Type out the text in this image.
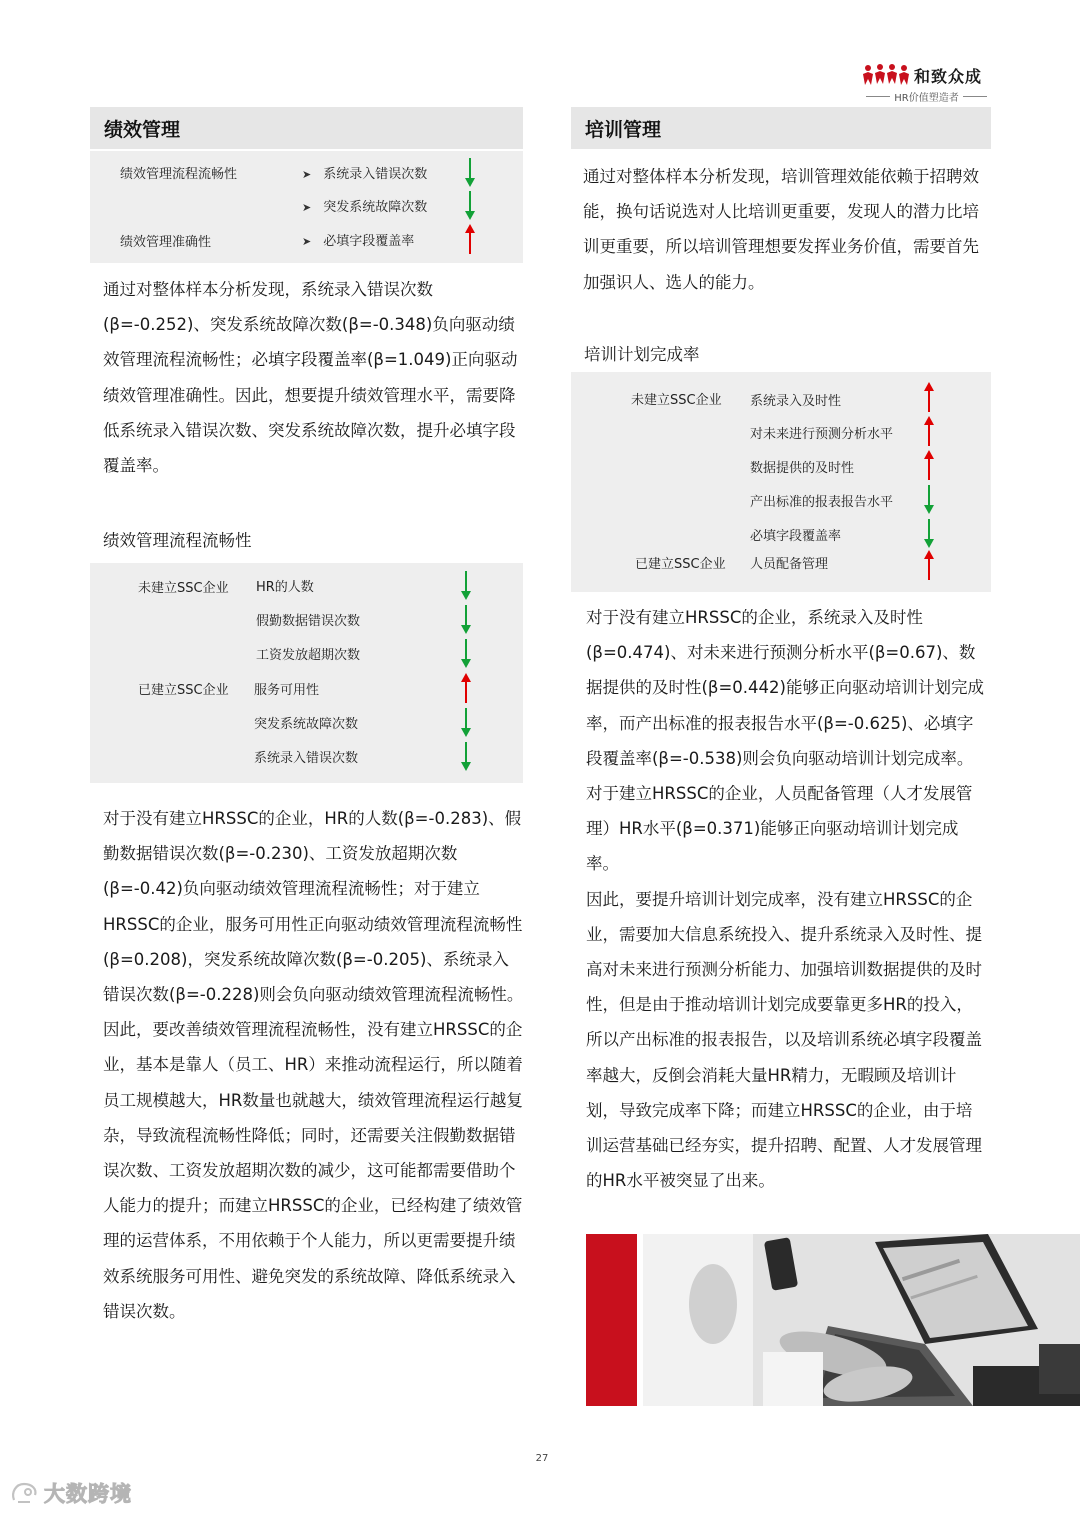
和致众成
HR价值塑造者
绩效管理
绩效管理流程流畅性	➤ 系统录入错误次数
➤ 突发系统故障次数
绩效管理准确性	➤ 必填字段覆盖率

通过对整体样本分析发现，系统录入错误次数(β=-0.252)、突发系统故障次数(β=-0.348)负向驱动绩效管理流程流畅性；必填字段覆盖率(β=1.049)正向驱动绩效管理准确性。因此，想要提升绩效管理水平，需要降低系统录入错误次数、突发系统故障次数，提升必填字段覆盖率。

绩效管理流程流畅性
未建立SSC企业 HR的人数
假勤数据错误次数
工资发放超期次数
已建立SSC企业 服务可用性
突发系统故障次数
系统录入错误次数

对于没有建立HRSSC的企业，HR的人数(β=-0.283)、假勤数据错误次数(β=-0.230)、工资发放超期次数(β=-0.42)负向驱动绩效管理流程流畅性；对于建立HRSSC的企业，服务可用性正向驱动绩效管理流程流畅性(β=0.208)，突发系统故障次数(β=-0.205)、系统录入错误次数(β=-0.228)则会负向驱动绩效管理流程流畅性。

因此，要改善绩效管理流程流畅性，没有建立HRSSC的企业，基本是靠人（员工、HR）来推动流程运行，所以随着员工规模越大，HR数量也就越大，绩效管理流程运行越复杂，导致流程流畅性降低；同时，还需要关注假勤数据错误次数、工资发放超期次数的减少，这可能都需要借助个人能力的提升；而建立HRSSC的企业，已经构建了绩效管理的运营体系，不用依赖于个人能力，所以更需要提升绩效系统服务可用性、避免突发的系统故障、降低系统录入错误次数。

培训管理

通过对整体样本分析发现，培训管理效能依赖于招聘效能，换句话说选对人比培训更重要，发现人的潜力比培训更重要，所以培训管理想要发挥业务价值，需要首先加强识人、选人的能力。

培训计划完成率
未建立SSC企业 系统录入及时性
对未来进行预测分析水平
数据提供的及时性
产出标准的报表报告水平
必填字段覆盖率
已建立SSC企业 人员配备管理

对于没有建立HRSSC的企业，系统录入及时性(β=0.474)、对未来进行预测分析水平(β=0.67)、数据提供的及时性(β=0.442)能够正向驱动培训计划完成率，而产出标准的报表报告水平(β=-0.625)、必填字段覆盖率(β=-0.538)则会负向驱动培训计划完成率。对于建立HRSSC的企业，人员配备管理（人才发展管理）HR水平(β=0.371)能够正向驱动培训计划完成率。

因此，要提升培训计划完成率，没有建立HRSSC的企业，需要加大信息系统投入、提升系统录入及时性、提高对未来进行预测分析能力、加强培训数据提供的及时性，但是由于推动培训计划完成要靠更多HR的投入，所以产出标准的报表报告，以及培训系统必填字段覆盖率越大，反倒会消耗大量HR精力，无暇顾及培训计划，导致完成率下降；而建立HRSSC的企业，由于培训运营基础已经夯实，提升招聘、配置、人才发展管理的HR水平被突显了出来。

27
大数跨境
